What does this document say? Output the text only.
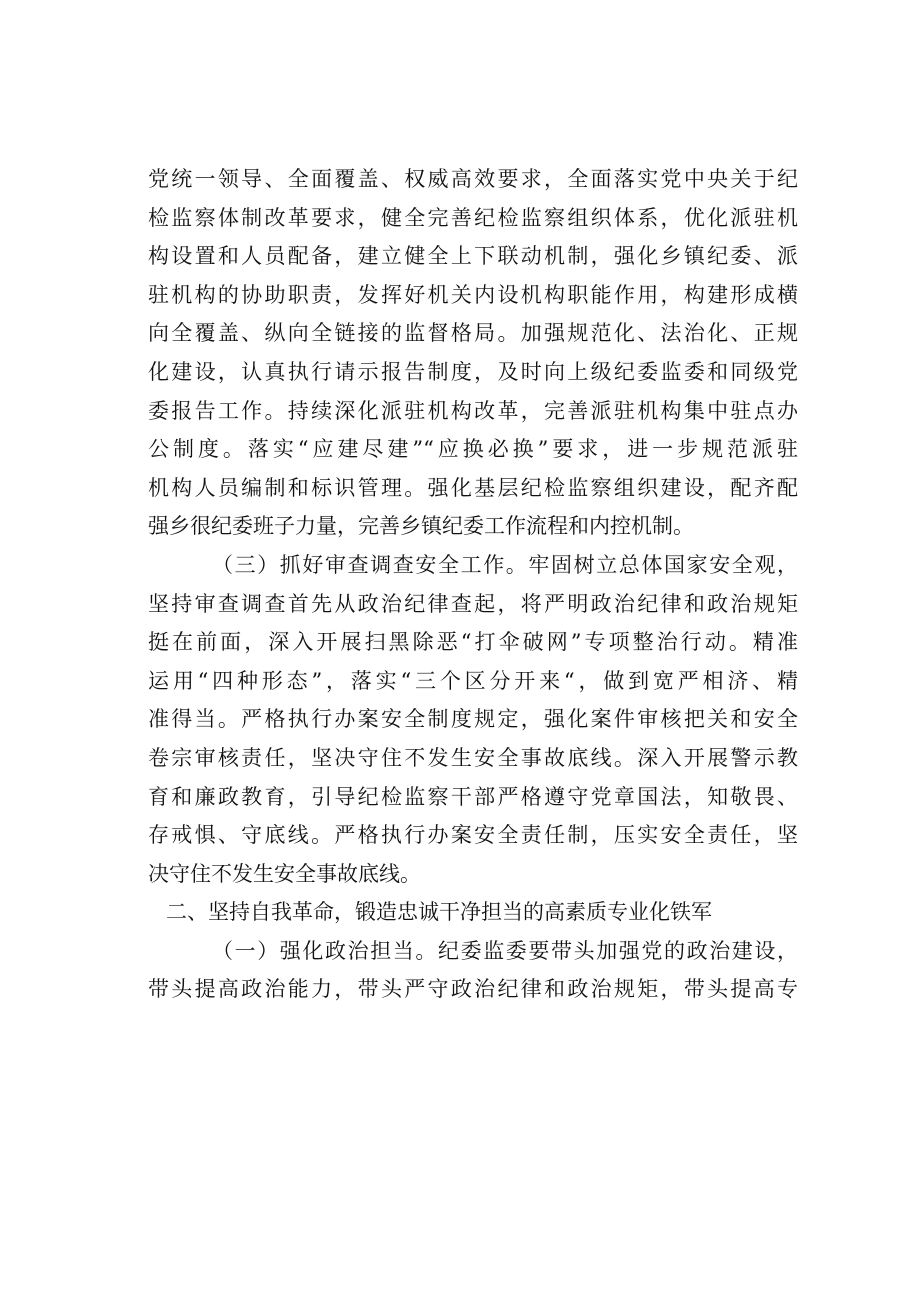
党统一领导、全面覆盖、权威高效要求，全面落实党中央关于纪
检监察体制改革要求，健全完善纪检监察组织体系，优化派驻机
构设置和人员配备，建立健全上下联动机制，强化乡镇纪委、派
驻机构的协助职责，发挥好机关内设机构职能作用，构建形成横
向全覆盖、纵向全链接的监督格局。加强规范化、法治化、正规
化建设，认真执行请示报告制度，及时向上级纪委监委和同级党
委报告工作。持续深化派驻机构改革，完善派驻机构集中驻点办
公制度。落实“应建尽建”“应换必换”要求，进一步规范派驻
机构人员编制和标识管理。强化基层纪检监察组织建设，配齐配
强乡很纪委班子力量，完善乡镇纪委工作流程和内控机制。
（三）抓好审查调查安全工作。牢固树立总体国家安全观，
坚持审查调查首先从政治纪律查起，将严明政治纪律和政治规矩
挺在前面，深入开展扫黑除恶“打伞破网”专项整治行动。精准
运用“四种形态”，落实“三个区分开来“，做到宽严相济、精
准得当。严格执行办案安全制度规定，强化案件审核把关和安全
卷宗审核责任，坚决守住不发生安全事故底线。深入开展警示教
育和廉政教育，引导纪检监察干部严格遵守党章国法，知敬畏、
存戒惧、守底线。严格执行办案安全责任制，压实安全责任，坚
决守住不发生安全事故底线。
二、坚持自我革命，锻造忠诚干净担当的高素质专业化铁军
（一）强化政治担当。纪委监委要带头加强党的政治建设，
带头提高政治能力，带头严守政治纪律和政治规矩，带头提高专
